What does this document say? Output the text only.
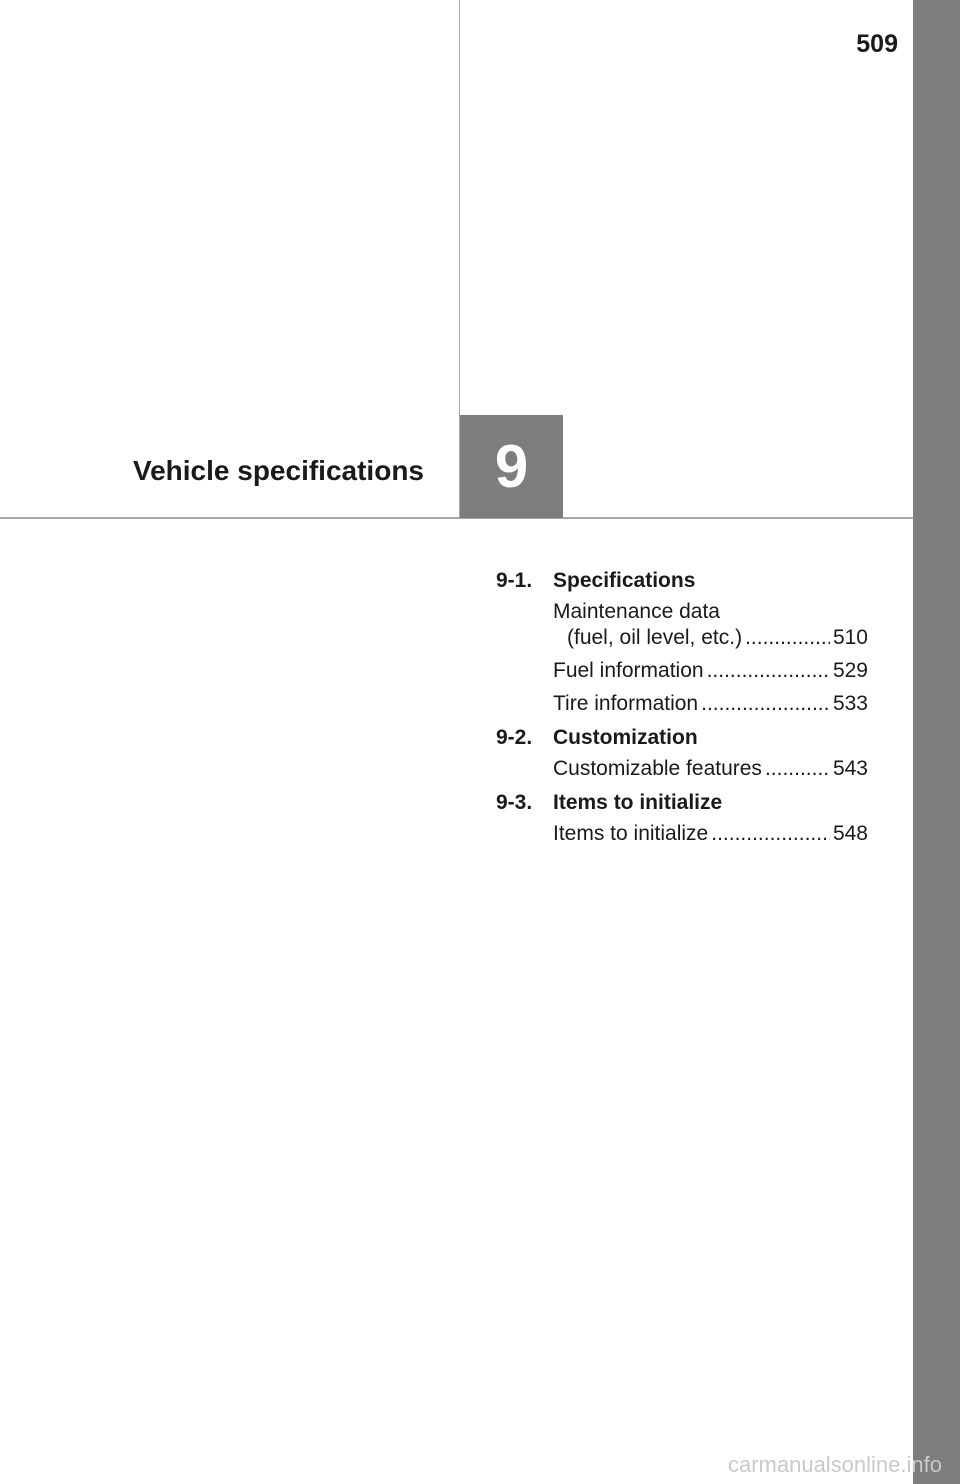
509
Vehicle specifications 9
9-1. Specifications
Maintenance data
(fuel, oil level, etc.) .....	510
Fuel information .....	529
Tire information .....	533
9-2. Customization
Customizable features .....	543
9-3. Items to initialize
Items to initialize .....	548
carmanualsonline.info
